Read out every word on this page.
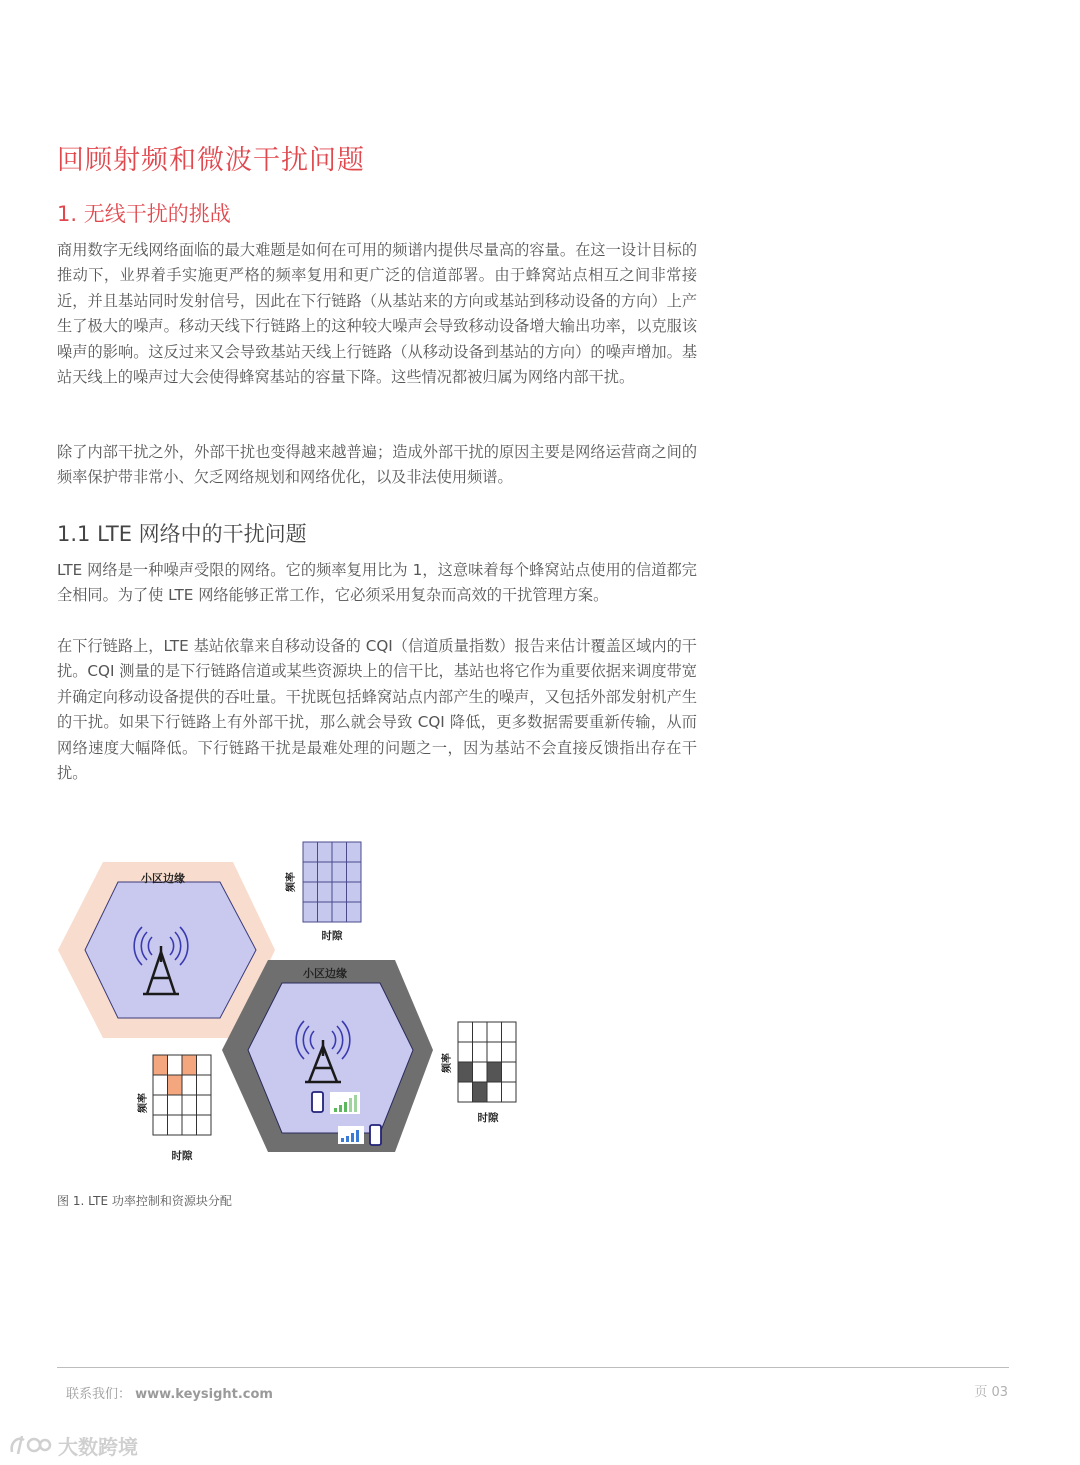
回顾射频和微波干扰问题
1. 无线干扰的挑战

商用数字无线网络面临的最大难题是如何在可用的频谱内提供尽量高的容量。在这一设计目标的推动下，业界着手实施更严格的频率复用和更广泛的信道部署。由于蜂窝站点相互之间非常接近，并且基站同时发射信号，因此在下行链路（从基站来的方向或基站到移动设备的方向）上产生了极大的噪声。移动天线下行链路上的这种较大噪声会导致移动设备增大输出功率，以克服该噪声的影响。这反过来又会导致基站天线上行链路（从移动设备到基站的方向）的噪声增加。基站天线上的噪声过大会使得蜂窝基站的容量下降。这些情况都被归属为网络内部干扰。

除了内部干扰之外，外部干扰也变得越来越普遍；造成外部干扰的原因主要是网络运营商之间的频率保护带非常小、欠乏网络规划和网络优化，以及非法使用频谱。

1.1 LTE 网络中的干扰问题

LTE 网络是一种噪声受限的网络。它的频率复用比为 1，这意味着每个蜂窝站点使用的信道都完全相同。为了使 LTE 网络能够正常工作，它必须采用复杂而高效的干扰管理方案。

在下行链路上，LTE 基站依靠来自移动设备的 CQI（信道质量指数）报告来估计覆盖区域内的干扰。CQI 测量的是下行链路信道或某些资源块上的信干比，基站也将它作为重要依据来调度带宽并确定向移动设备提供的吞吐量。干扰既包括蜂窝站点内部产生的噪声，又包括外部发射机产生的干扰。如果下行链路上有外部干扰，那么就会导致 CQI 降低，更多数据需要重新传输，从而网络速度大幅降低。下行链路干扰是最难处理的问题之一，因为基站不会直接反馈指出存在干扰。

小区边缘
小区边缘
频率
时隙
频率
时隙
频率
时隙
图 1. LTE 功率控制和资源块分配
联系我们： www.keysight.com	页 03
大数跨境
